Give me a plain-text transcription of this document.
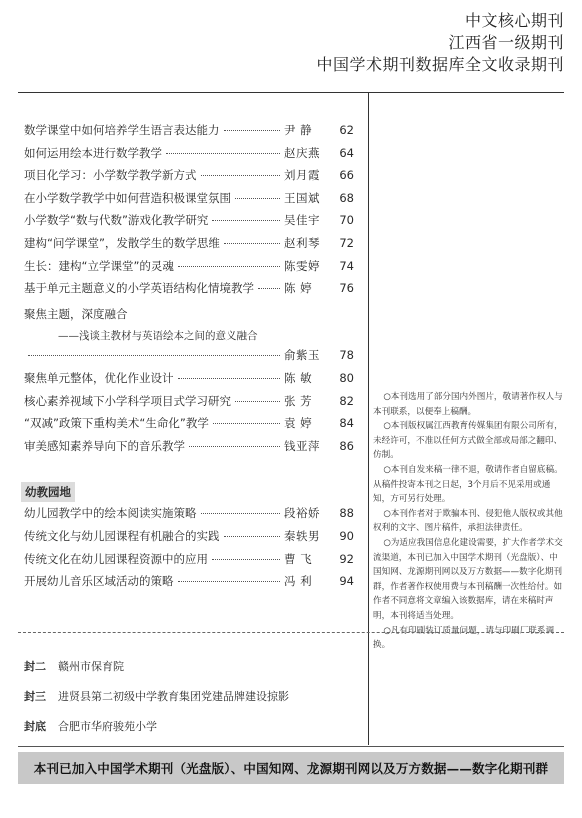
中文核心期刊
江西省一级期刊
中国学术期刊数据库全文收录期刊
数学课堂中如何培养学生语言表达能力	尹 静	62
如何运用绘本进行数学教学	赵庆燕	64
项目化学习：小学数学教学新方式	刘月霞	66
在小学数学教学中如何营造积极课堂氛围	王国斌	68
小学数学“数与代数”游戏化教学研究	吴佳宇	70
建构“问学课堂”，发散学生的数学思维	赵利琴	72
生长：建构“立学课堂”的灵魂	陈雯婷	74
基于单元主题意义的小学英语结构化情境教学	陈 婷	76
聚焦主题，深度融合
——浅谈主教材与英语绘本之间的意义融合
俞紫玉	78
聚焦单元整体，优化作业设计	陈 敏	80
核心素养视域下小学科学项目式学习研究	张 芳	82
“双减”政策下重构美术“生命化”教学	袁 婷	84
审美感知素养导向下的音乐教学	钱亚萍	86
幼教园地
幼儿园教学中的绘本阅读实施策略	段裕娇	88
传统文化与幼儿园课程有机融合的实践	秦轶男	90
传统文化在幼儿园课程资源中的应用	曹 飞	92
开展幼儿音乐区域活动的策略	冯 利	94

○本刊选用了部分国内外图片，敬请著作权人与本刊联系，以便奉上稿酬。

○本刊版权属江西教育传媒集团有限公司所有，未经许可，不准以任何方式做全部或局部之翻印、仿制。

○本刊自发来稿一律不退，敬请作者自留底稿。从稿件投寄本刊之日起，3个月后不见采用或通知，方可另行处理。

○本刊作者对于欺骗本刊、侵犯他人版权或其他权利的文字、图片稿件，承担法律责任。

○为适应我国信息化建设需要，扩大作者学术交流渠道，本刊已加入中国学术期刊（光盘版）、中国知网、龙源期刊网以及万方数据——数字化期刊群，作者著作权使用费与本刊稿酬一次性给付。如作者不同意将文章编入该数据库，请在来稿时声明，本刊将适当处理。

○凡有印刷装订质量问题，请与印刷厂联系调换。

封二 赣州市保育院
封三 进贤县第二初级中学教育集团党建品牌建设掠影
封底 合肥市华府骏苑小学
本刊已加入中国学术期刊（光盘版）、中国知网、龙源期刊网以及万方数据——数字化期刊群
